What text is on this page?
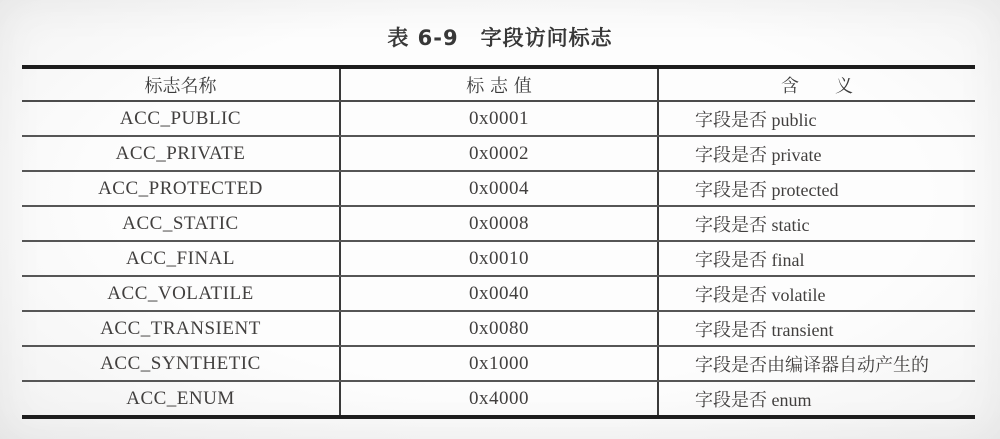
表 6-9　字段访问标志
标志名称	标 志 值	含　　义
ACC_PUBLIC	0x0001	字段是否 public
ACC_PRIVATE	0x0002	字段是否 private
ACC_PROTECTED	0x0004	字段是否 protected
ACC_STATIC	0x0008	字段是否 static
ACC_FINAL	0x0010	字段是否 final
ACC_VOLATILE	0x0040	字段是否 volatile
ACC_TRANSIENT	0x0080	字段是否 transient
ACC_SYNTHETIC	0x1000	字段是否由编译器自动产生的
ACC_ENUM	0x4000	字段是否 enum
